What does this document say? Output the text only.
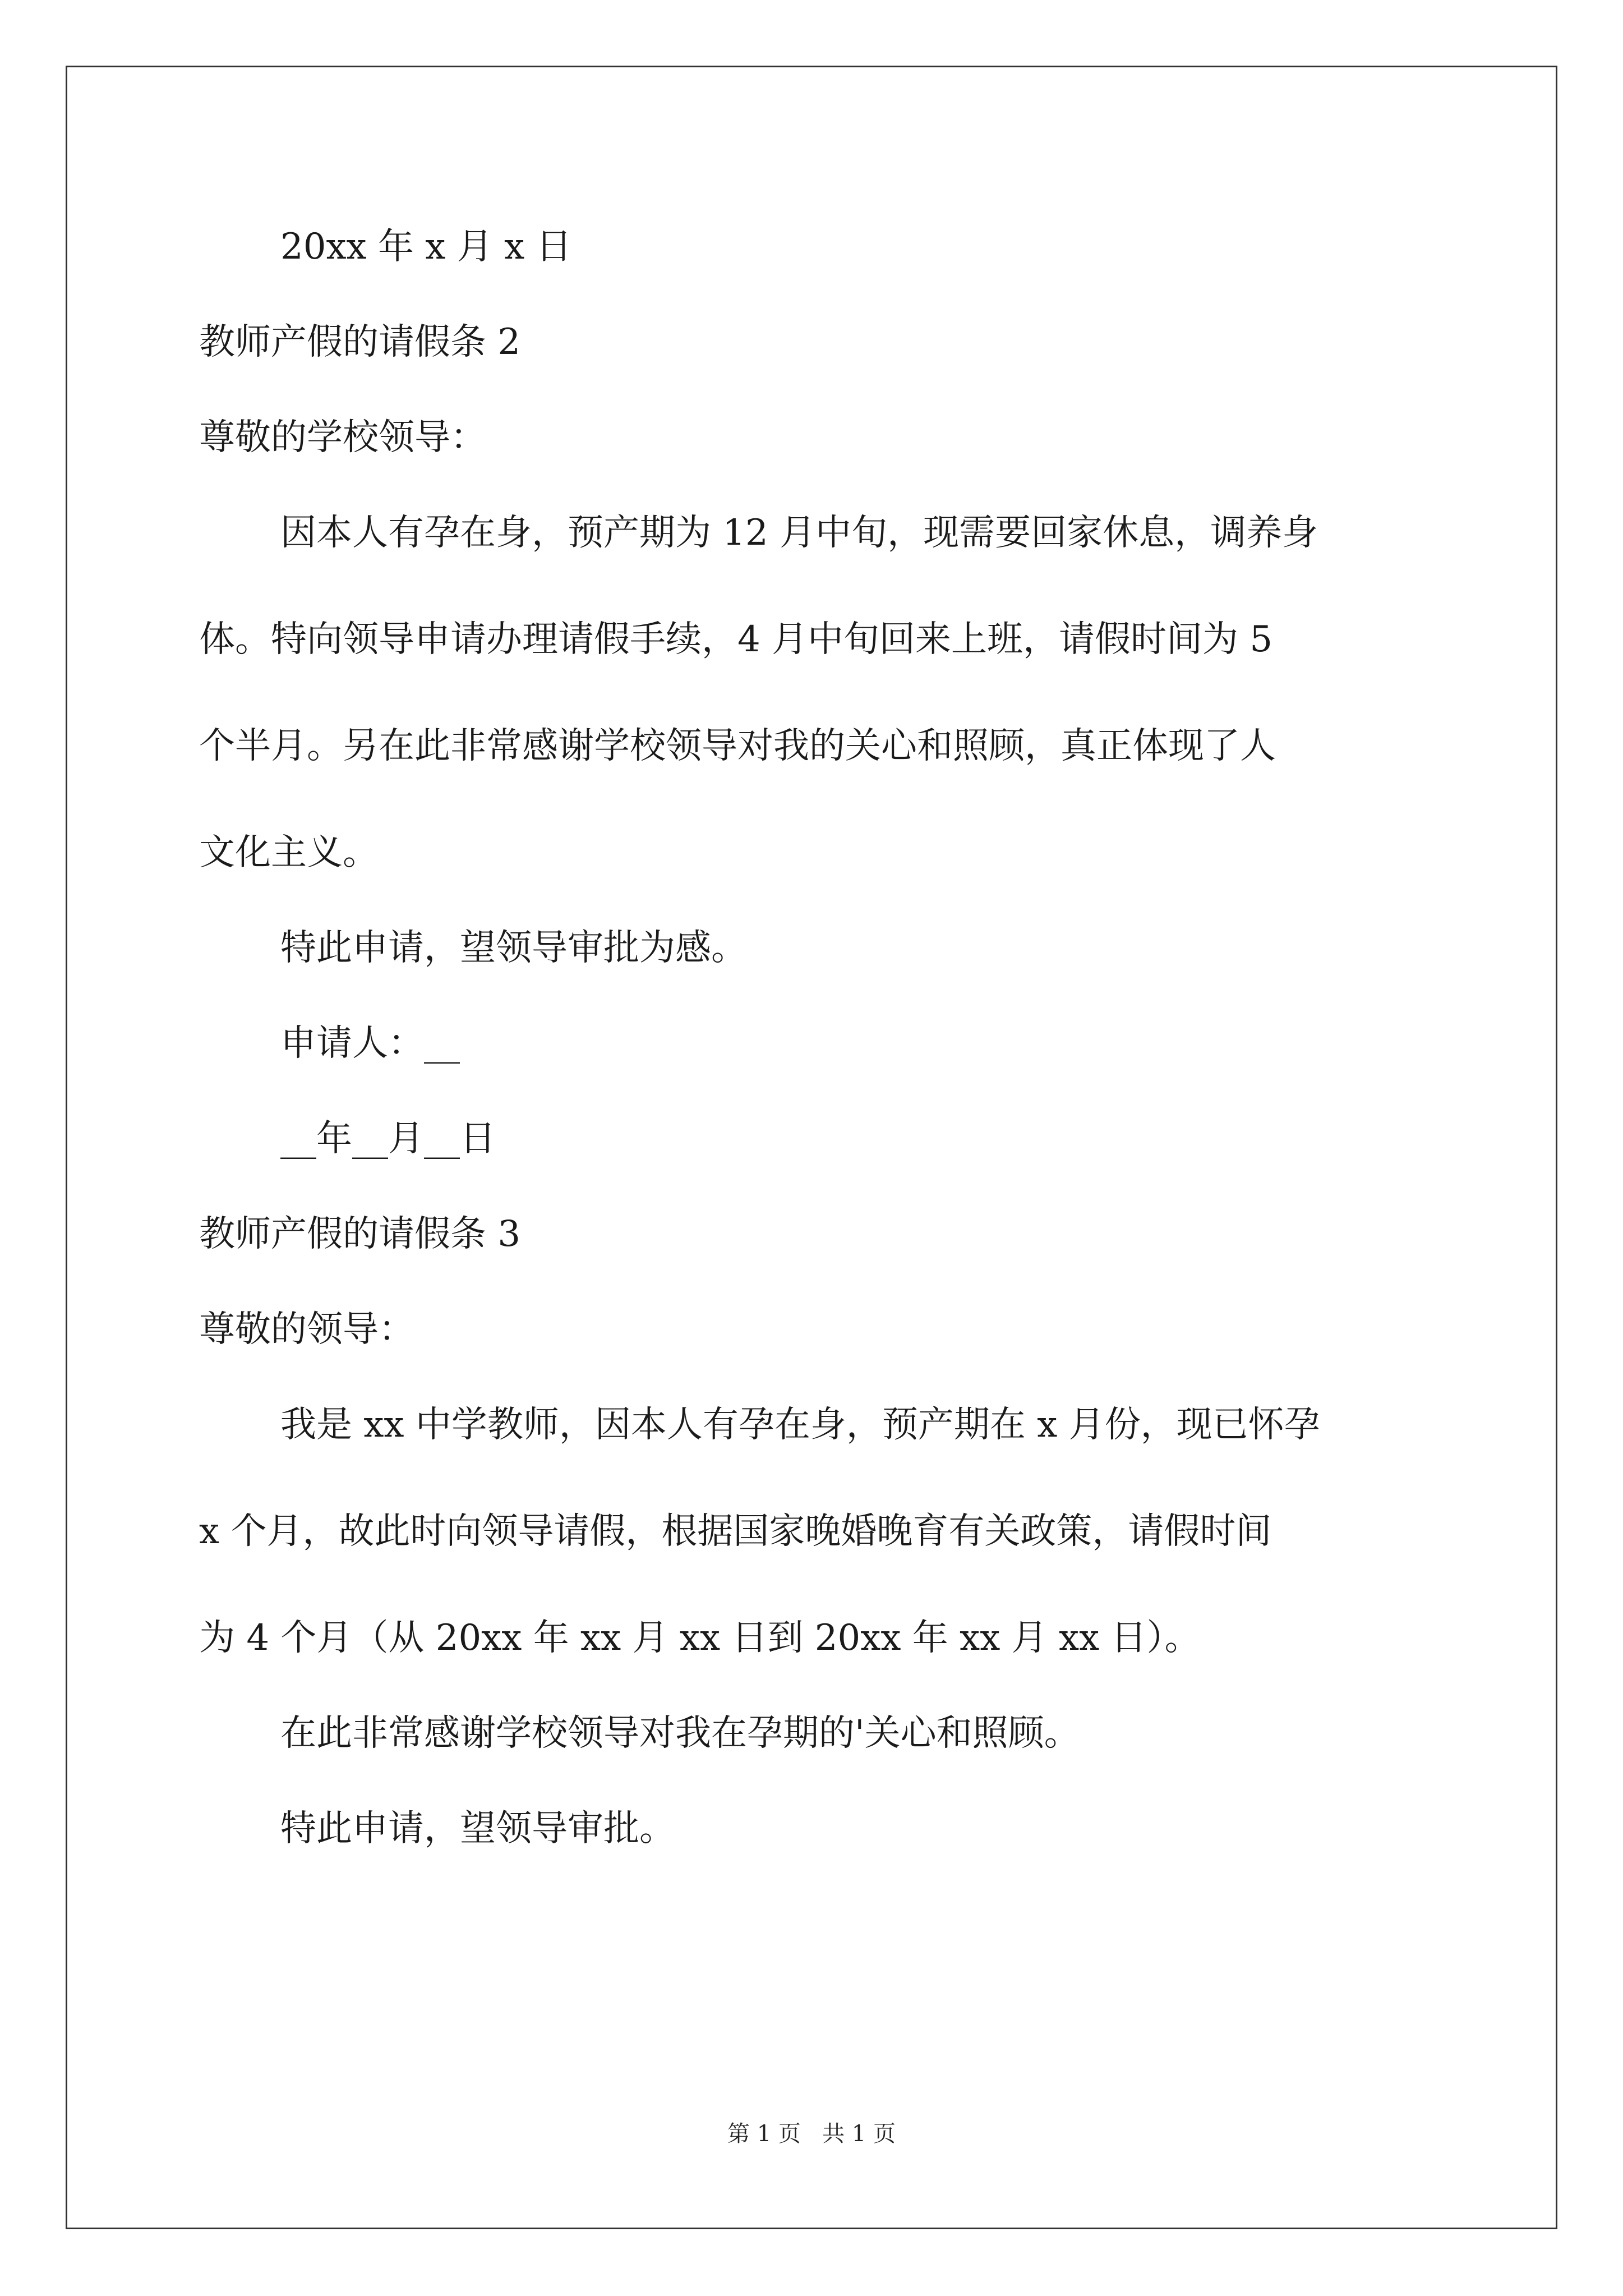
20xx 年 x 月 x 日

教师产假的请假条 2

尊敬的学校领导：

因本人有孕在身，预产期为 12 月中旬，现需要回家休息，调养身

体。特向领导申请办理请假手续，4 月中旬回来上班，请假时间为 5

个半月。另在此非常感谢学校领导对我的关心和照顾，真正体现了人

文化主义。

特此申请，望领导审批为感。

申请人：__

__年__月__日

教师产假的请假条 3

尊敬的领导：

我是 xx 中学教师，因本人有孕在身，预产期在 x 月份，现已怀孕

x 个月，故此时向领导请假，根据国家晚婚晚育有关政策，请假时间

为 4 个月（从 20xx 年 xx 月 xx 日到 20xx 年 xx 月 xx 日）。

在此非常感谢学校领导对我在孕期的'关心和照顾。

特此申请，望领导审批。

第 1 页   共 1 页
